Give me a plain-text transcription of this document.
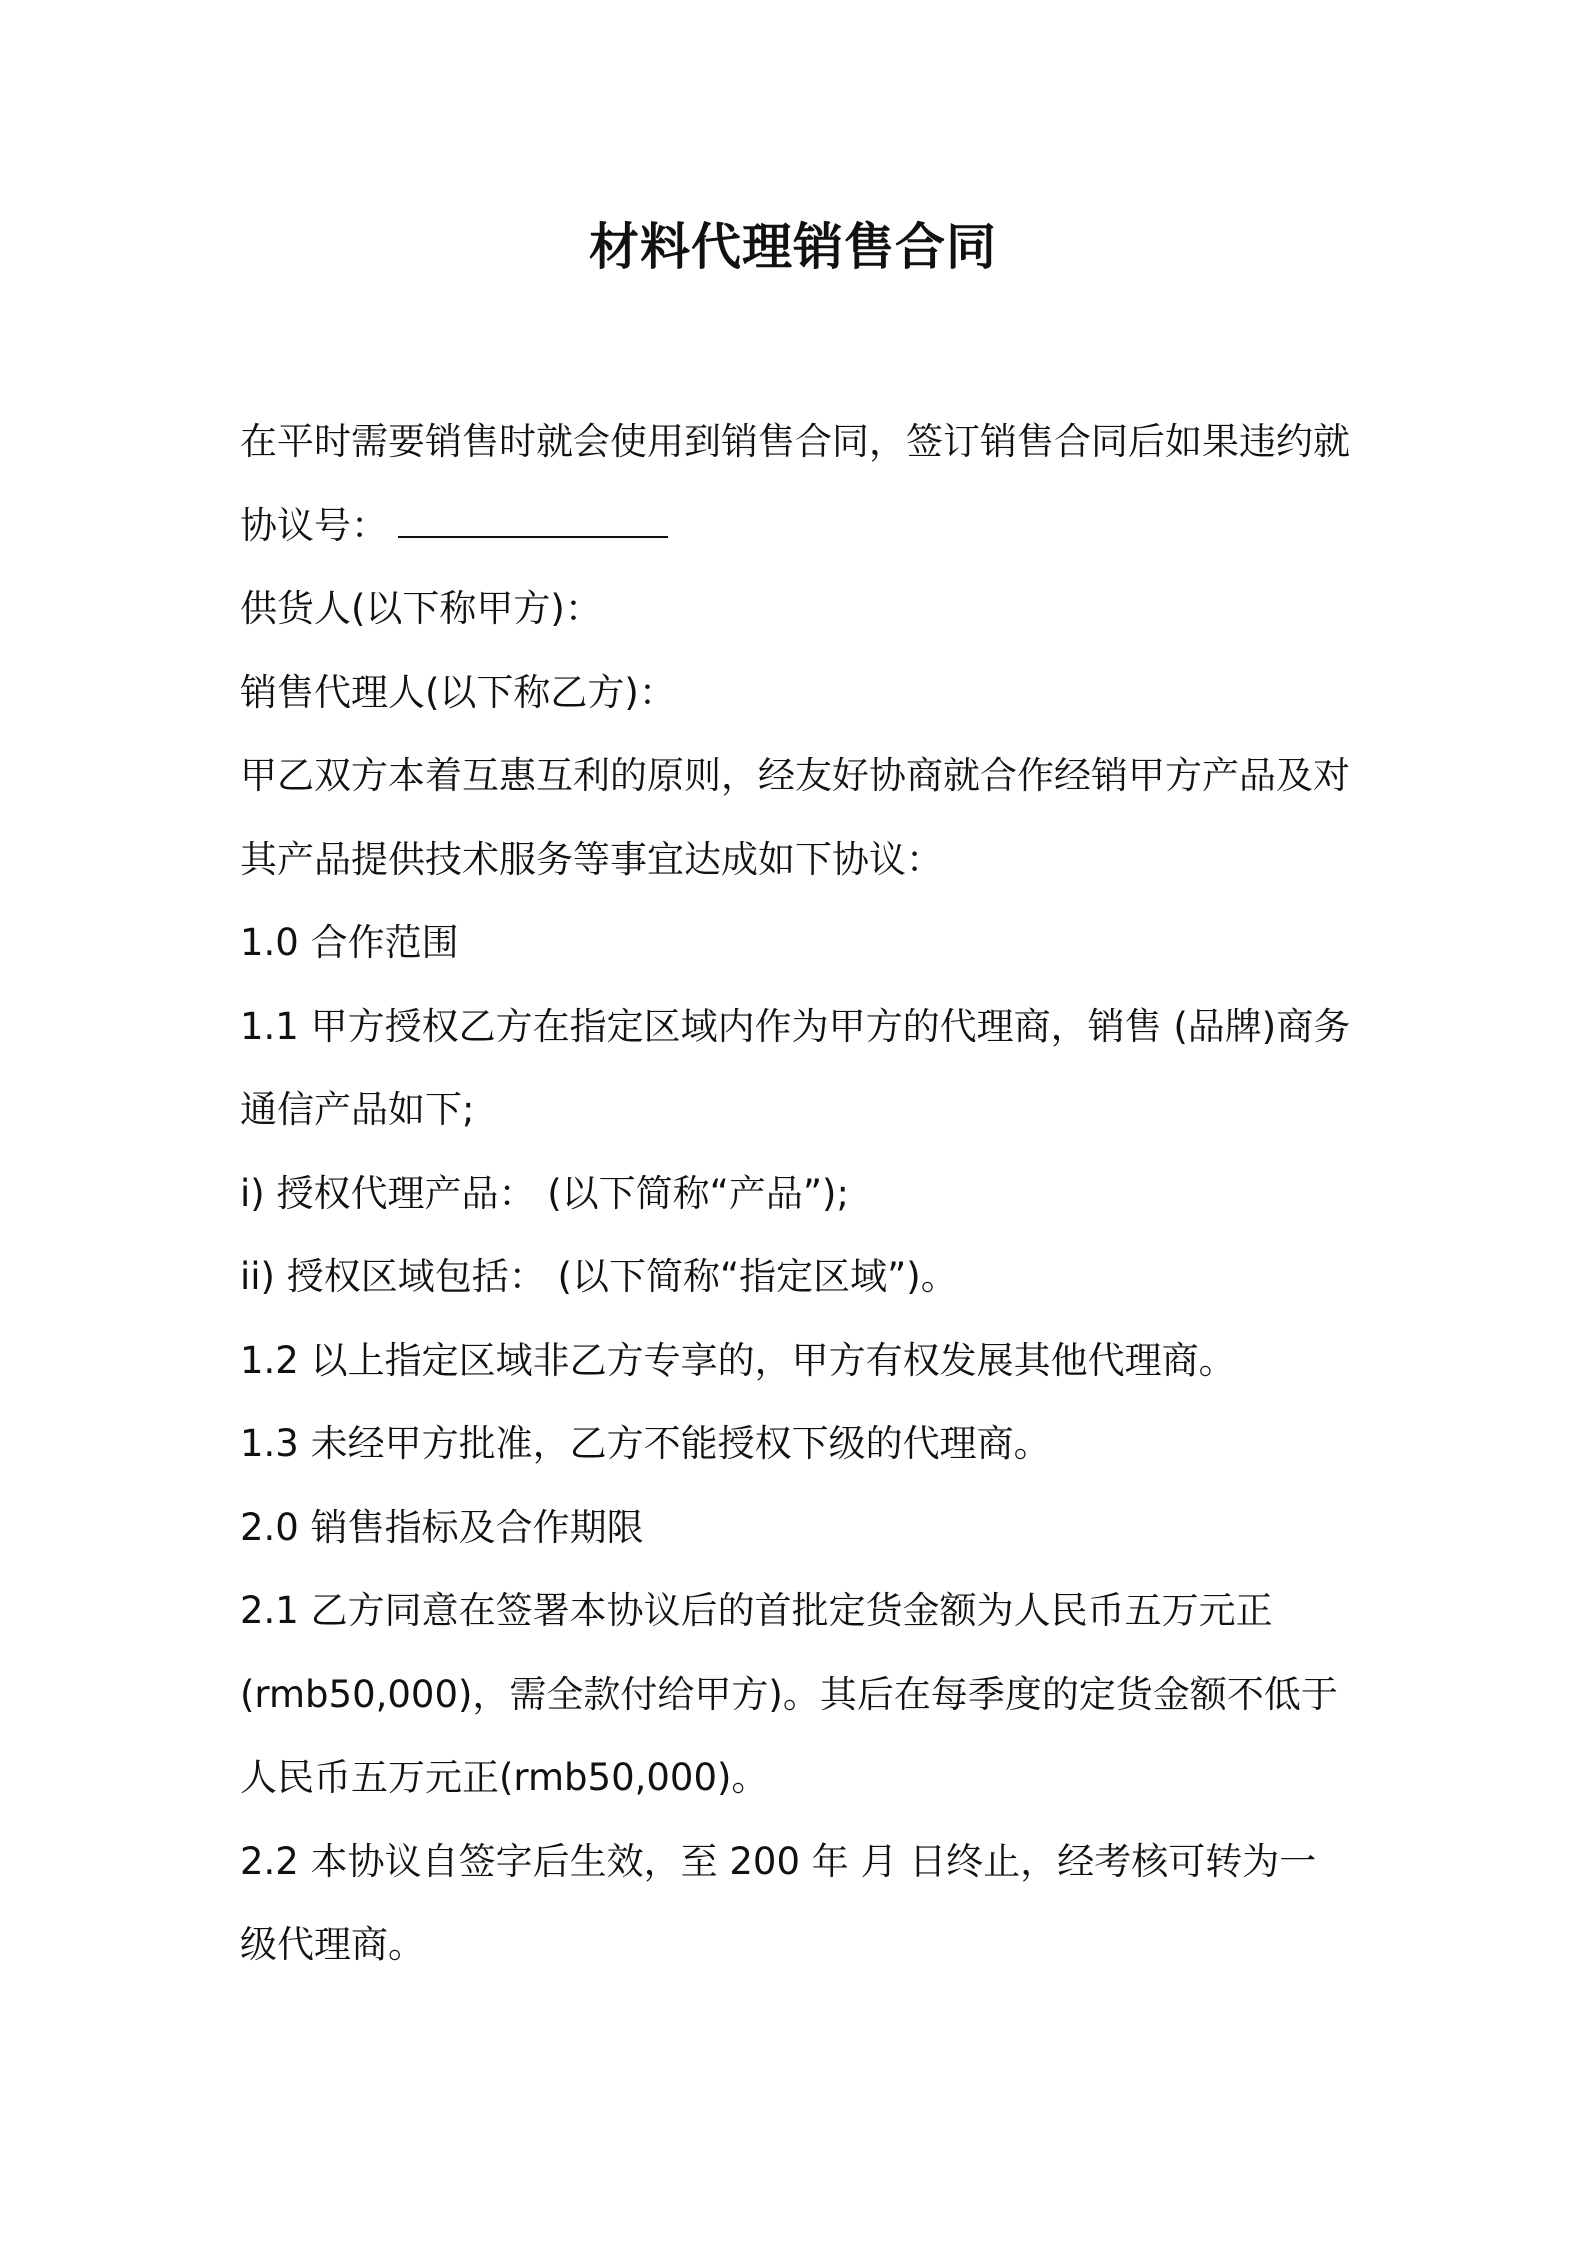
材料代理销售合同
在平时需要销售时就会使用到销售合同，签订销售合同后如果违约就
协议号：
供货人(以下称甲方)：
销售代理人(以下称乙方)：
甲乙双方本着互惠互利的原则，经友好协商就合作经销甲方产品及对
其产品提供技术服务等事宜达成如下协议：
1.0 合作范围
1.1 甲方授权乙方在指定区域内作为甲方的代理商，销售 (品牌)商务
通信产品如下;
i) 授权代理产品： (以下简称“产品”);
ii) 授权区域包括： (以下简称“指定区域”)。
1.2 以上指定区域非乙方专享的，甲方有权发展其他代理商。
1.3 未经甲方批准，乙方不能授权下级的代理商。
2.0 销售指标及合作期限
2.1 乙方同意在签署本协议后的首批定货金额为人民币五万元正
(rmb50,000)，需全款付给甲方)。其后在每季度的定货金额不低于
人民币五万元正(rmb50,000)。
2.2 本协议自签字后生效，至 200 年 月 日终止，经考核可转为一
级代理商。
